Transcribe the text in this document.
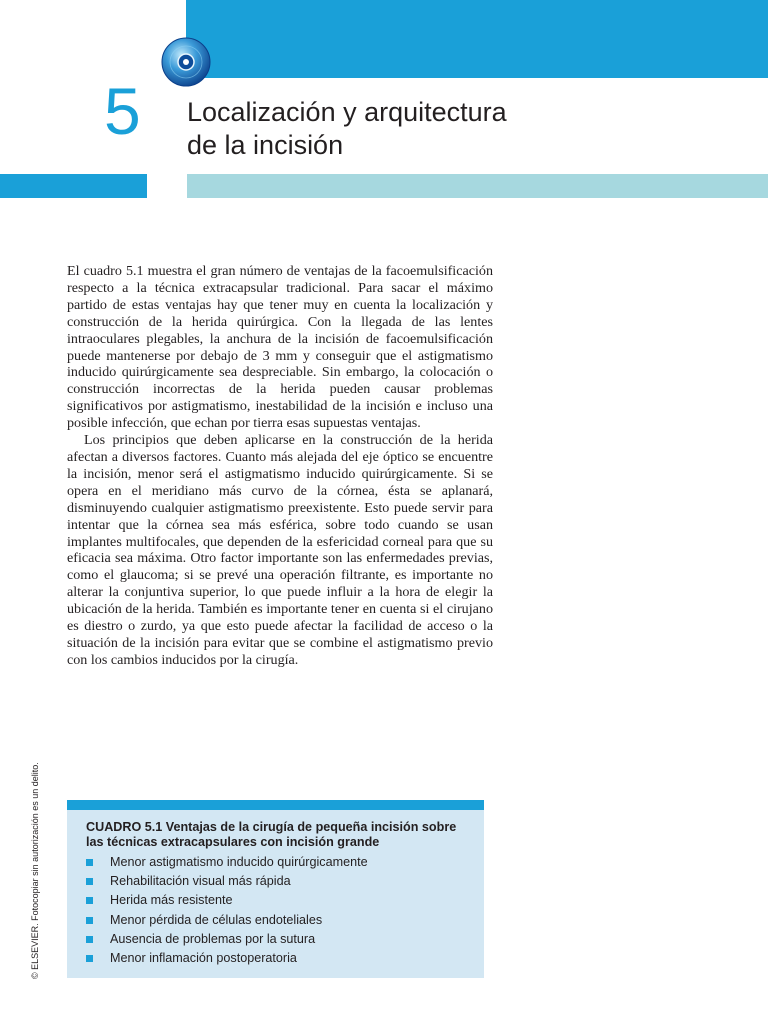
5 Localización y arquitectura
de la incisión

El cuadro 5.1 muestra el gran número de ventajas de la facoemulsificación respecto a la técnica extracapsular tradicional. Para sacar el máximo partido de estas ventajas hay que tener muy en cuenta la localización y construcción de la herida quirúrgica. Con la llegada de las lentes intraoculares plegables, la anchura de la incisión de facoemulsificación puede mantenerse por debajo de 3 mm y conseguir que el astigmatismo inducido quirúrgicamente sea despreciable. Sin embargo, la colocación o construcción incorrectas de la herida pueden causar problemas significativos por astigmatismo, inestabilidad de la incisión e incluso una posible infección, que echan por tierra esas supuestas ventajas.

Los principios que deben aplicarse en la construcción de la herida afectan a diversos factores. Cuanto más alejada del eje óptico se encuentre la incisión, menor será el astigmatismo inducido quirúrgicamente. Si se opera en el meridiano más curvo de la córnea, ésta se aplanará, disminuyendo cualquier astigmatismo preexistente. Esto puede servir para intentar que la córnea sea más esférica, sobre todo cuando se usan implantes multifocales, que dependen de la esfericidad corneal para que su eficacia sea máxima. Otro factor importante son las enfermedades previas, como el glaucoma; si se prevé una operación filtrante, es importante no alterar la conjuntiva superior, lo que puede influir a la hora de elegir la ubicación de la herida. También es importante tener en cuenta si el cirujano es diestro o zurdo, ya que esto puede afectar la facilidad de acceso o la situación de la incisión para evitar que se combine el astigmatismo previo con los cambios inducidos por la cirugía.

© ELSEVIER. Fotocopiar sin autorización es un delito.	CUADRO 5.1 Ventajas de la cirugía de pequeña incisión sobre las técnicas extracapsulares con incisión grande
Menor astigmatismo inducido quirúrgicamente
Rehabilitación visual más rápida
Herida más resistente
Menor pérdida de células endoteliales
Ausencia de problemas por la sutura
Menor inflamación postoperatoria
